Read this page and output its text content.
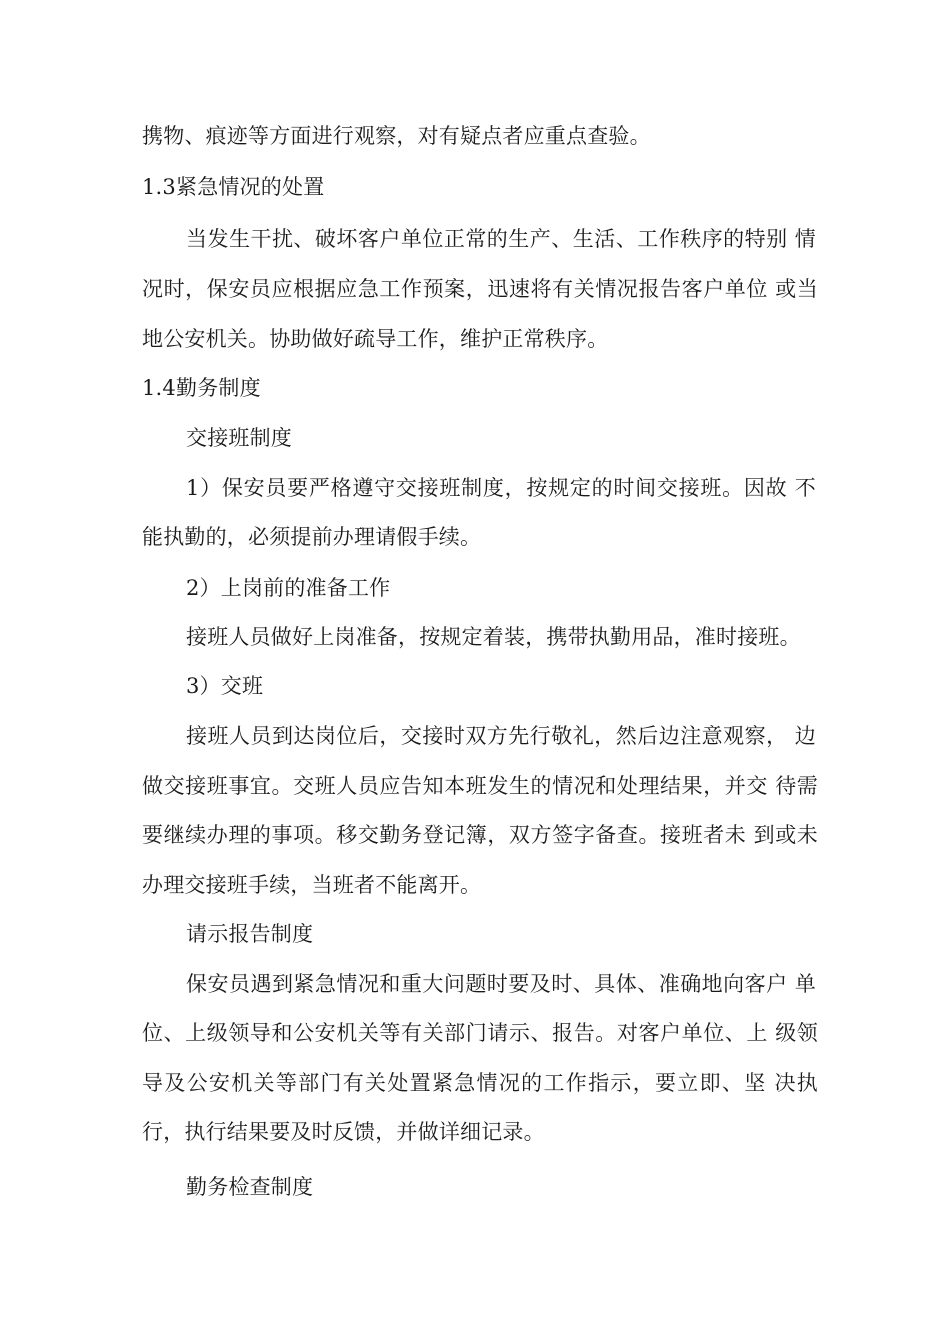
携物、痕迹等方面进行观察，对有疑点者应重点查验。
1.3紧急情况的处置
当发生干扰、破坏客户单位正常的生产、生活、工作秩序的特别 情
况时，保安员应根据应急工作预案，迅速将有关情况报告客户单位 或当
地公安机关。协助做好疏导工作，维护正常秩序。
1.4勤务制度
交接班制度
1）保安员要严格遵守交接班制度，按规定的时间交接班。因故 不
能执勤的，必须提前办理请假手续。
2）上岗前的准备工作
接班人员做好上岗准备，按规定着装，携带执勤用品，准时接班。
3）交班
接班人员到达岗位后，交接时双方先行敬礼，然后边注意观察， 边
做交接班事宜。交班人员应告知本班发生的情况和处理结果，并交 待需
要继续办理的事项。移交勤务登记簿，双方签字备查。接班者未 到或未
办理交接班手续，当班者不能离开。
请示报告制度
保安员遇到紧急情况和重大问题时要及时、具体、准确地向客户 单
位、上级领导和公安机关等有关部门请示、报告。对客户单位、上 级领
导及公安机关等部门有关处置紧急情况的工作指示，要立即、坚 决执
行，执行结果要及时反馈，并做详细记录。
勤务检查制度
